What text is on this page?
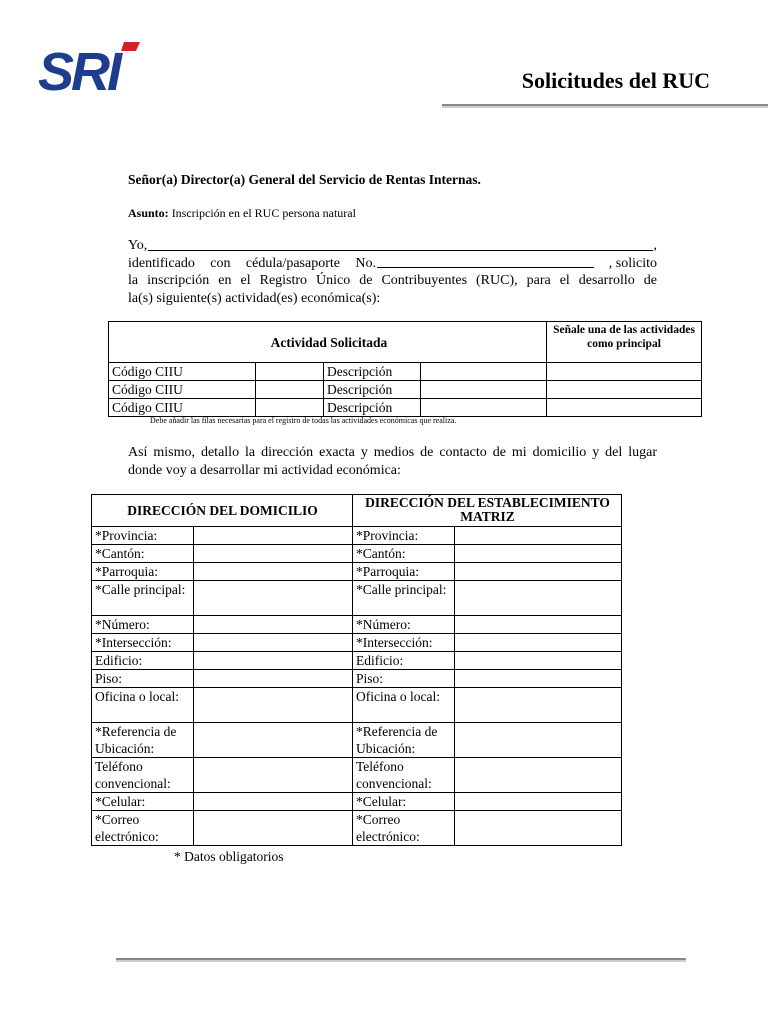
SRI	Solicitudes del RUC
Señor(a) Director(a) General del Servicio de Rentas Internas.
Asunto: Inscripción en el RUC persona natural
Yo,	,
identificado con cédula/pasaporte No.	, solicito
la inscripción en el Registro Único de Contribuyentes (RUC), para el desarrollo de
la(s) siguiente(s) actividad(es) económica(s):
Actividad Solicitada				Señale una de las actividades como principal
Código CIIU		Descripción		
Código CIIU		Descripción		
Código CIIU		Descripción		
Debe añadir las filas necesarias para el registro de todas las actividades económicas que realiza.
Así mismo, detallo la dirección exacta y medios de contacto de mi domicilio y del lugar donde voy a desarrollar mi actividad económica:
DIRECCIÓN DEL DOMICILIO		DIRECCIÓN DEL ESTABLECIMIENTO MATRIZ	
*Provincia:		*Provincia:	
*Cantón:		*Cantón:	
*Parroquia:		*Parroquia:	
*Calle principal:		*Calle principal:	
*Número:		*Número:	
*Intersección:		*Intersección:	
Edificio:		Edificio:	
Piso:		Piso:	
Oficina o local:		Oficina o local:	
*Referencia de Ubicación:		*Referencia de Ubicación:	
Teléfono convencional:		Teléfono convencional:	
*Celular:		*Celular:	
*Correo electrónico:		*Correo electrónico:	
* Datos obligatorios
